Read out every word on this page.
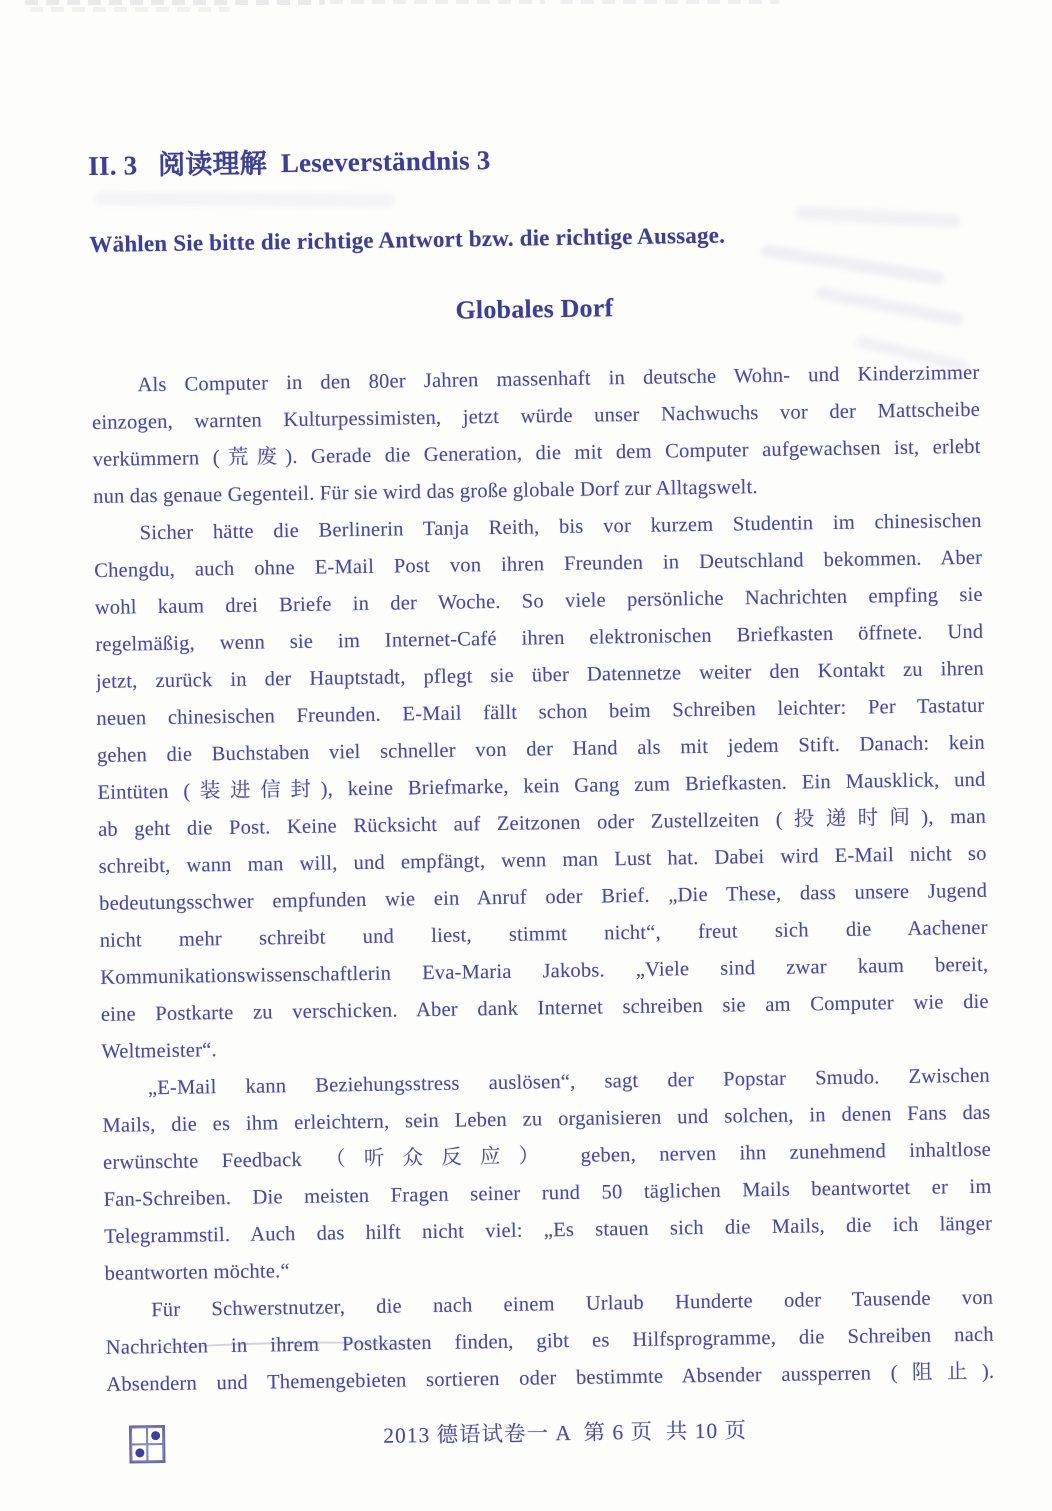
II. 3   阅读理解  Leseverständnis 3
Wählen Sie bitte die richtige Antwort bzw. die richtige Aussage.
Globales Dorf
Als Computer in den 80er Jahren massenhaft in deutsche Wohn- und Kinderzimmer
einzogen, warnten Kulturpessimisten, jetzt würde unser Nachwuchs vor der Mattscheibe
verkümmern (荒废). Gerade die Generation, die mit dem Computer aufgewachsen ist, erlebt
nun das genaue Gegenteil. Für sie wird das große globale Dorf zur Alltagswelt.
Sicher hätte die Berlinerin Tanja Reith, bis vor kurzem Studentin im chinesischen
Chengdu, auch ohne E-Mail Post von ihren Freunden in Deutschland bekommen. Aber
wohl kaum drei Briefe in der Woche. So viele persönliche Nachrichten empfing sie
regelmäßig, wenn sie im Internet-Café ihren elektronischen Briefkasten öffnete. Und
jetzt, zurück in der Hauptstadt, pflegt sie über Datennetze weiter den Kontakt zu ihren
neuen chinesischen Freunden. E-Mail fällt schon beim Schreiben leichter: Per Tastatur
gehen die Buchstaben viel schneller von der Hand als mit jedem Stift. Danach: kein
Eintüten (装进信封), keine Briefmarke, kein Gang zum Briefkasten. Ein Mausklick, und
ab geht die Post. Keine Rücksicht auf Zeitzonen oder Zustellzeiten (投递时间), man
schreibt, wann man will, und empfängt, wenn man Lust hat. Dabei wird E-Mail nicht so
bedeutungsschwer empfunden wie ein Anruf oder Brief. „Die These, dass unsere Jugend
nicht mehr schreibt und liest, stimmt nicht“, freut sich die Aachener
Kommunikationswissenschaftlerin Eva-Maria Jakobs. „Viele sind zwar kaum bereit,
eine Postkarte zu verschicken. Aber dank Internet schreiben sie am Computer wie die
Weltmeister“.
„E-Mail kann Beziehungsstress auslösen“, sagt der Popstar Smudo. Zwischen
Mails, die es ihm erleichtern, sein Leben zu organisieren und solchen, in denen Fans das
erwünschte Feedback （听众反应） geben, nerven ihn zunehmend inhaltlose
Fan-Schreiben. Die meisten Fragen seiner rund 50 täglichen Mails beantwortet er im
Telegrammstil. Auch das hilft nicht viel: „Es stauen sich die Mails, die ich länger
beantworten möchte.“
Für Schwerstnutzer, die nach einem Urlaub Hunderte oder Tausende von
Nachrichten in ihrem Postkasten finden, gibt es Hilfsprogramme, die Schreiben nach
Absendern und Themengebieten sortieren oder bestimmte Absender aussperren (阻止).
2013 德语试卷一 A  第 6 页  共 10 页
